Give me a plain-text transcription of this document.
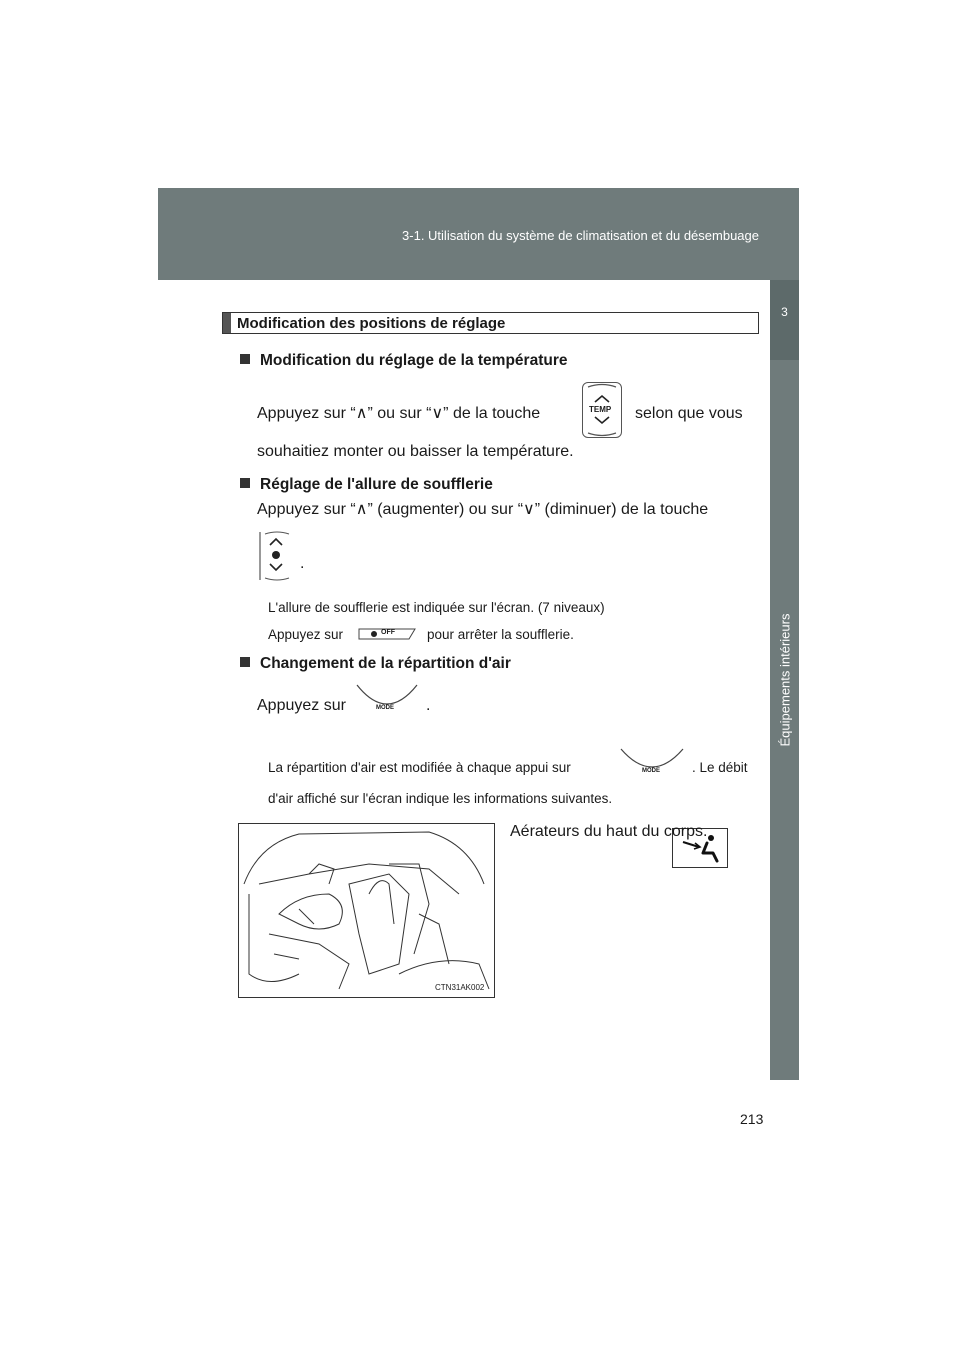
3-1. Utilisation du système de climatisation et du désembuage
3
Équipements intérieurs
Modification des positions de réglage
Modification du réglage de la température
Appuyez sur “∧” ou sur “∨” de la touche	TEMP selon que vous
souhaitiez monter ou baisser la température.
Réglage de l'allure de soufflerie
Appuyez sur “∧” (augmenter) ou sur “∨” (diminuer) de la touche
.
L'allure de soufflerie est indiquée sur l'écran. (7 niveaux)
Appuyez sur	OFF pour arrêter la soufflerie.
Changement de la répartition d'air
Appuyez sur	MODE .
La répartition d'air est modifiée à chaque appui sur	MODE . Le débit
d'air affiché sur l'écran indique les informations suivantes.
CTN31AK002
Aérateurs du haut du corps.
213
